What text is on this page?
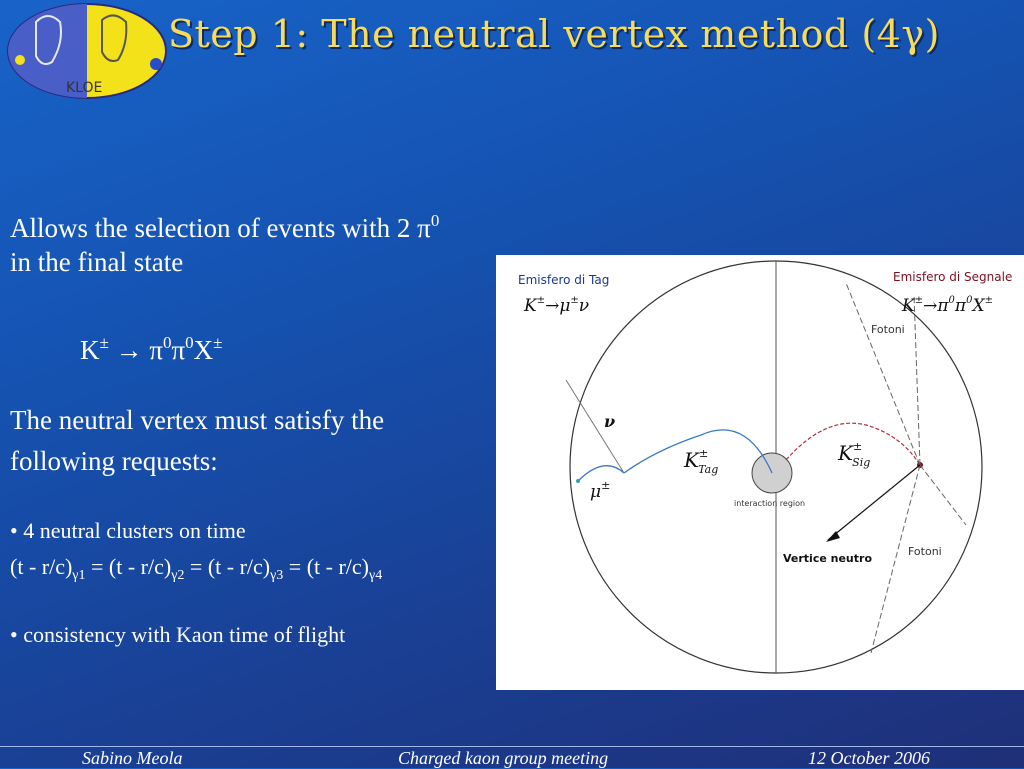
KLOE
Step 1: The neutral vertex method (4γ)
Allows the selection of events with 2 $\pi^0$
in the final state
$K^\pm \to \pi^0\pi^0X^\pm$
The neutral vertex must satisfy the
following requests:
• 4 neutral clusters on time
$(t - r/c)_{\gamma 1} = (t - r/c)_{\gamma 2} = (t - r/c)_{\gamma 3} = (t - r/c)_{\gamma 4}$
• consistency with Kaon time of flight
Emisfero di Tag
K±→μ±ν
Emisfero di Segnale
$K^\pm\to\pi^0\pi^0X^\pm$
Fotoni
Fotoni
ν
μ±
K± Tag
K± Sig
interaction region
Vertice neutro
Sabino Meola	Charged kaon group meeting	12 October 2006
